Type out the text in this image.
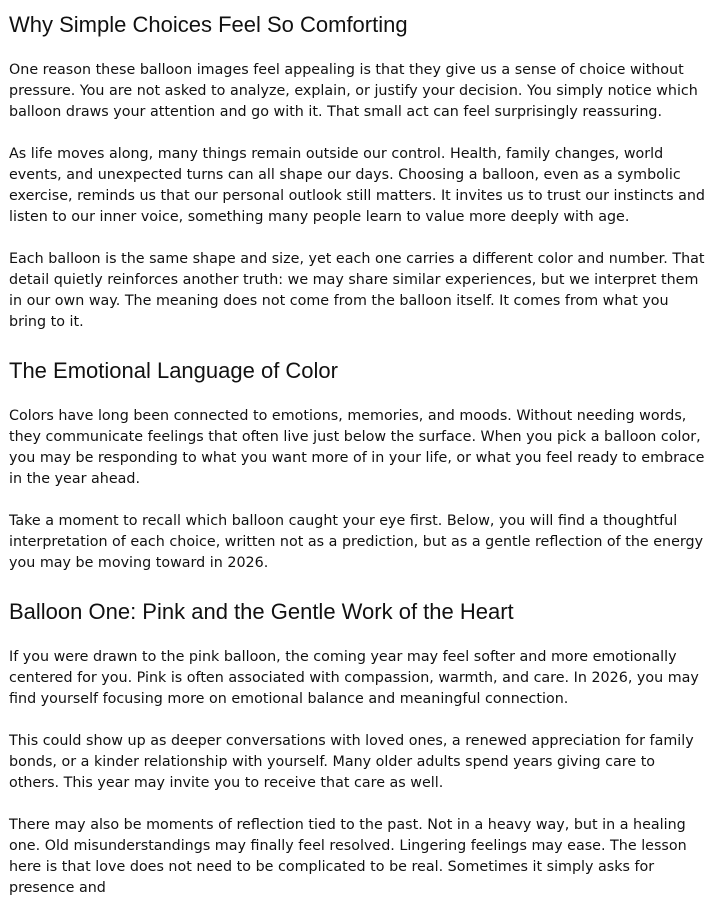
Why Simple Choices Feel So Comforting

One reason these balloon images feel appealing is that they give us a sense of choice without pressure. You are not asked to analyze, explain, or justify your decision. You simply notice which balloon draws your attention and go with it. That small act can feel surprisingly reassuring.

As life moves along, many things remain outside our control. Health, family changes, world events, and unexpected turns can all shape our days. Choosing a balloon, even as a symbolic exercise, reminds us that our personal outlook still matters. It invites us to trust our instincts and listen to our inner voice, something many people learn to value more deeply with age.

Each balloon is the same shape and size, yet each one carries a different color and number. That detail quietly reinforces another truth: we may share similar experiences, but we interpret them in our own way. The meaning does not come from the balloon itself. It comes from what you bring to it.

The Emotional Language of Color

Colors have long been connected to emotions, memories, and moods. Without needing words, they communicate feelings that often live just below the surface. When you pick a balloon color, you may be responding to what you want more of in your life, or what you feel ready to embrace in the year ahead.

Take a moment to recall which balloon caught your eye first. Below, you will find a thoughtful interpretation of each choice, written not as a prediction, but as a gentle reflection of the energy you may be moving toward in 2026.

Balloon One: Pink and the Gentle Work of the Heart

If you were drawn to the pink balloon, the coming year may feel softer and more emotionally centered for you. Pink is often associated with compassion, warmth, and care. In 2026, you may find yourself focusing more on emotional balance and meaningful connection.

This could show up as deeper conversations with loved ones, a renewed appreciation for family bonds, or a kinder relationship with yourself. Many older adults spend years giving care to others. This year may invite you to receive that care as well.

There may also be moments of reflection tied to the past. Not in a heavy way, but in a healing one. Old misunderstandings may finally feel resolved. Lingering feelings may ease. The lesson here is that love does not need to be complicated to be real. Sometimes it simply asks for presence and
